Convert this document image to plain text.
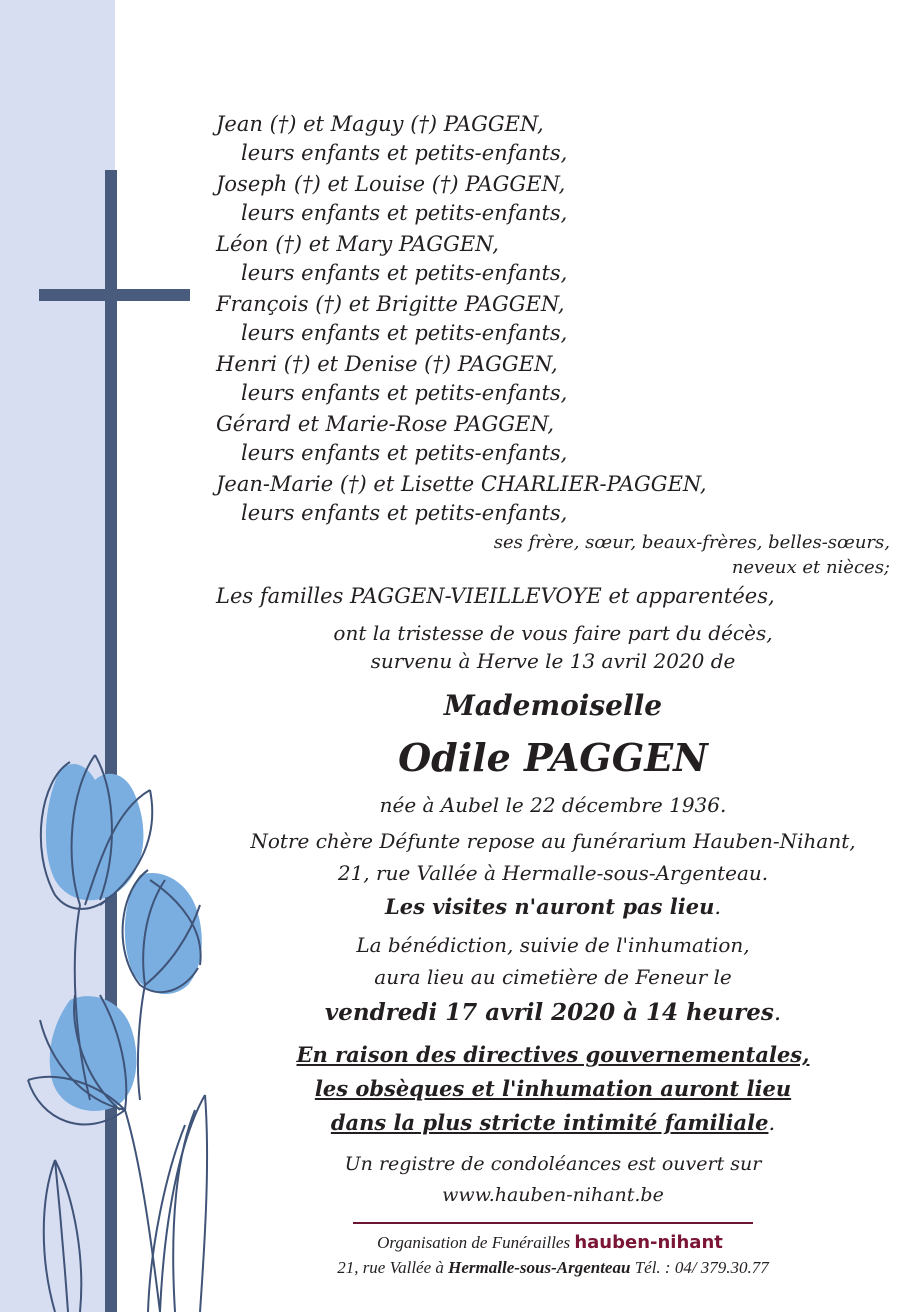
Jean (†) et Maguy (†) PAGGEN,
leurs enfants et petits-enfants,
Joseph (†) et Louise (†) PAGGEN,
leurs enfants et petits-enfants,
Léon (†) et Mary PAGGEN,
leurs enfants et petits-enfants,
François (†) et Brigitte PAGGEN,
leurs enfants et petits-enfants,
Henri (†) et Denise (†) PAGGEN,
leurs enfants et petits-enfants,
Gérard et Marie-Rose PAGGEN,
leurs enfants et petits-enfants,
Jean-Marie (†) et Lisette CHARLIER-PAGGEN,
leurs enfants et petits-enfants,
ses frère, sœur, beaux-frères, belles-sœurs,
neveux et nièces;
Les familles PAGGEN-VIEILLEVOYE et apparentées,
ont la tristesse de vous faire part du décès,
survenu à Herve le 13 avril 2020 de
Mademoiselle
Odile PAGGEN
née à Aubel le 22 décembre 1936.
Notre chère Défunte repose au funérarium Hauben-Nihant,
21, rue Vallée à Hermalle-sous-Argenteau.
Les visites n'auront pas lieu.
La bénédiction, suivie de l'inhumation,
aura lieu au cimetière de Feneur le
vendredi 17 avril 2020 à 14 heures.
En raison des directives gouvernementales,
les obsèques et l'inhumation auront lieu
dans la plus stricte intimité familiale.
Un registre de condoléances est ouvert sur
www.hauben-nihant.be
Organisation de Funérailles hauben-nihant
21, rue Vallée à Hermalle-sous-Argenteau Tél. : 04/ 379.30.77
